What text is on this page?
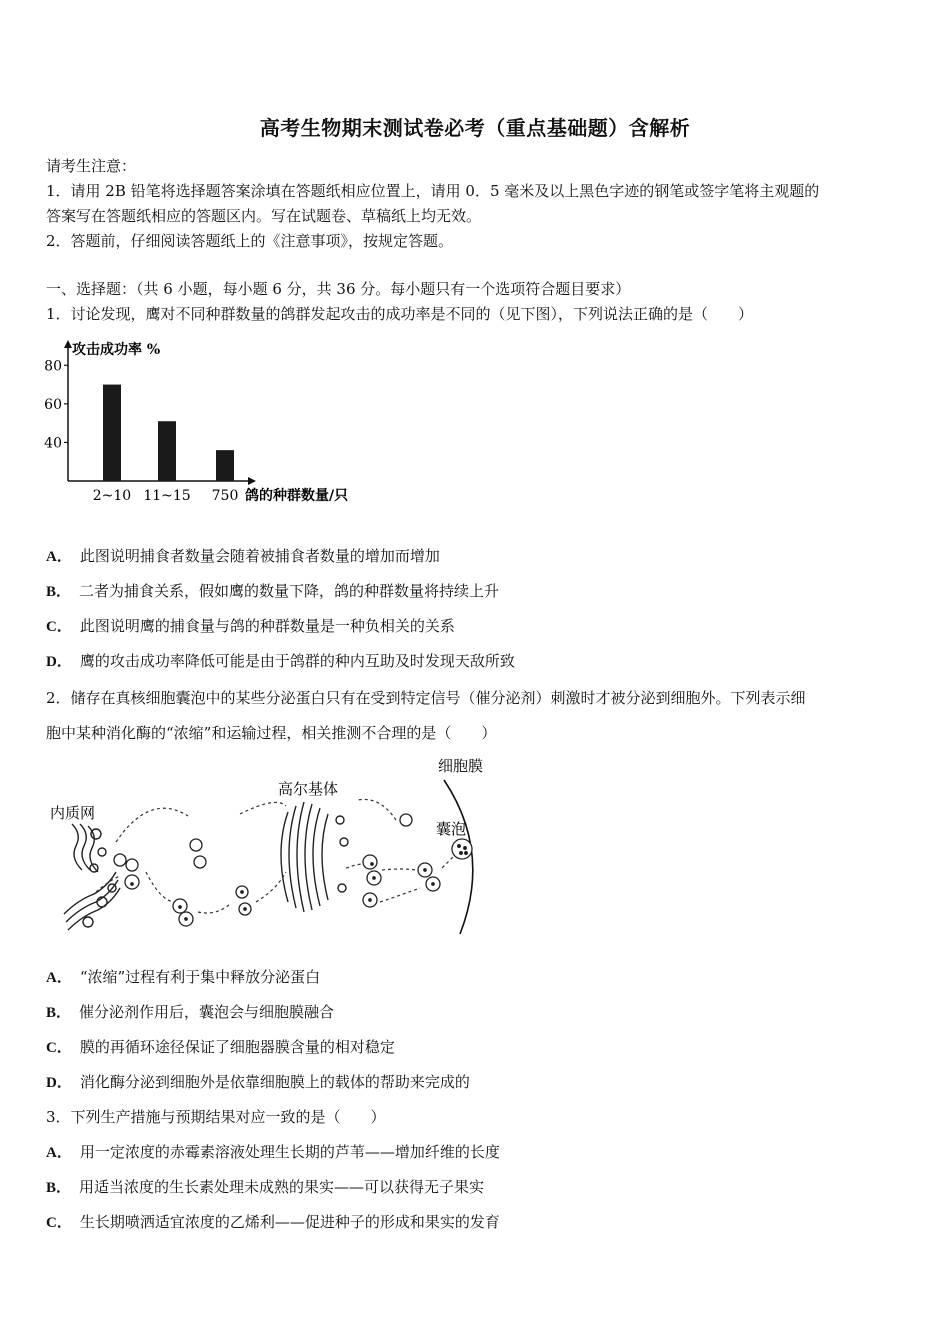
高考生物期末测试卷必考（重点基础题）含解析
请考生注意：
1．请用 2B 铅笔将选择题答案涂填在答题纸相应位置上，请用 0．5 毫米及以上黑色字迹的钢笔或签字笔将主观题的
答案写在答题纸相应的答题区内。写在试题卷、草稿纸上均无效。
2．答题前，仔细阅读答题纸上的《注意事项》，按规定答题。
一、选择题：（共 6 小题，每小题 6 分，共 36 分。每小题只有一个选项符合题目要求）
1．讨论发现，鹰对不同种群数量的鸽群发起攻击的成功率是不同的（见下图），下列说法正确的是（　　）
攻击成功率 %
40
60
80
2~10 11~15 750 鸽的种群数量/只
A． 此图说明捕食者数量会随着被捕食者数量的增加而增加
B． 二者为捕食关系，假如鹰的数量下降，鸽的种群数量将持续上升
C． 此图说明鹰的捕食量与鸽的种群数量是一种负相关的关系
D． 鹰的攻击成功率降低可能是由于鸽群的种内互助及时发现天敌所致
2．储存在真核细胞囊泡中的某些分泌蛋白只有在受到特定信号（催分泌剂）刺激时才被分泌到细胞外。下列表示细
胞中某种消化酶的“浓缩”和运输过程，相关推测不合理的是（　　）
内质网
高尔基体
细胞膜
囊泡
A． “浓缩”过程有利于集中释放分泌蛋白
B． 催分泌剂作用后，囊泡会与细胞膜融合
C． 膜的再循环途径保证了细胞器膜含量的相对稳定
D． 消化酶分泌到细胞外是依靠细胞膜上的载体的帮助来完成的
3．下列生产措施与预期结果对应一致的是（　　）
A． 用一定浓度的赤霉素溶液处理生长期的芦苇——增加纤维的长度
B． 用适当浓度的生长素处理未成熟的果实——可以获得无子果实
C． 生长期喷洒适宜浓度的乙烯利——促进种子的形成和果实的发育
